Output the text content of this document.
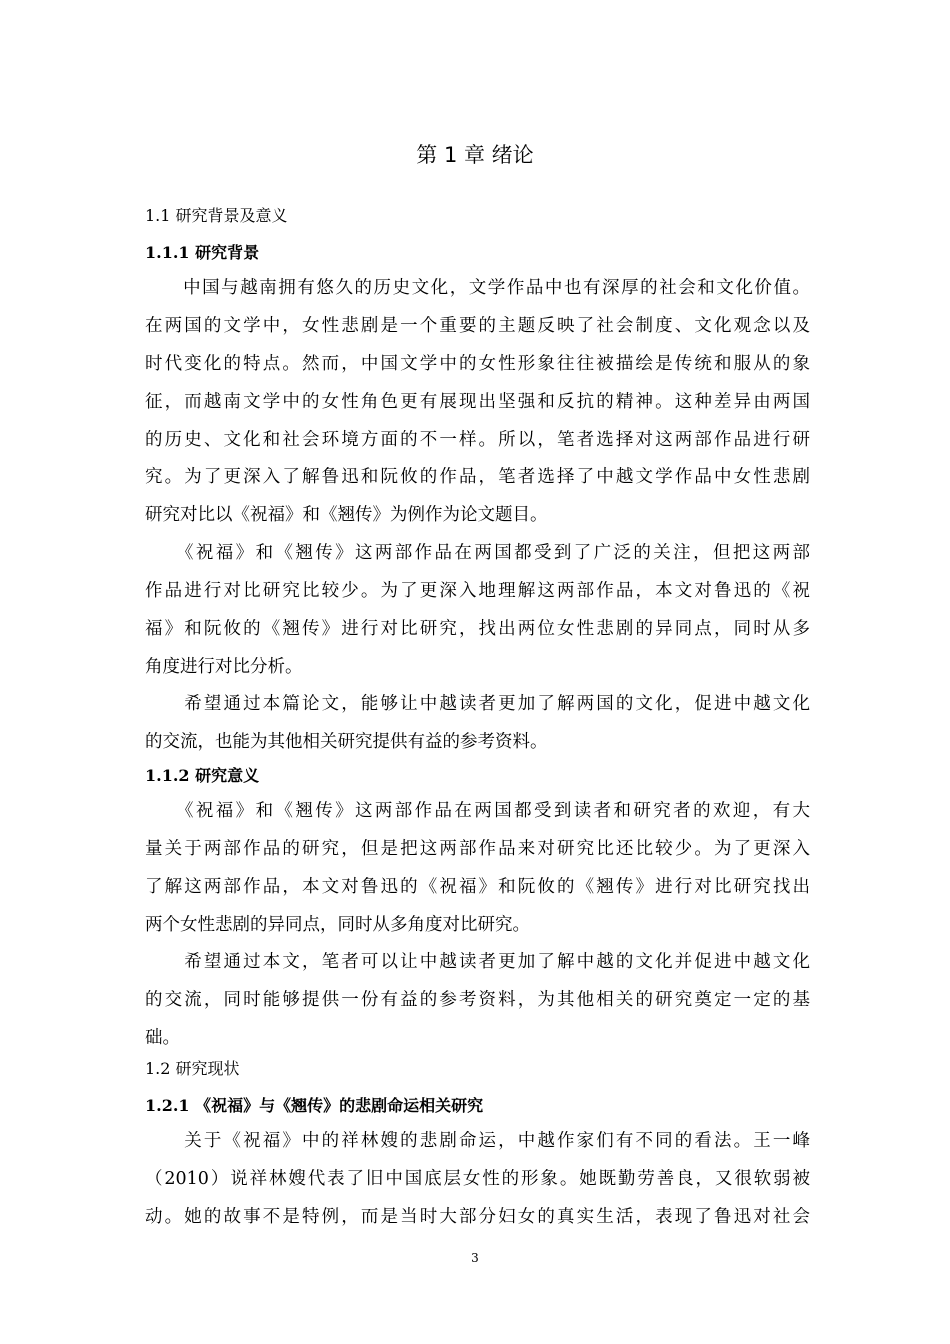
第 1 章 绪论
1.1 研究背景及意义
1.1.1 研究背景
　　中国与越南拥有悠久的历史文化，文学作品中也有深厚的社会和文化价值。
在两国的文学中，女性悲剧是一个重要的主题反映了社会制度、文化观念以及
时代变化的特点。然而，中国文学中的女性形象往往被描绘是传统和服从的象
征，而越南文学中的女性角色更有展现出坚强和反抗的精神。这种差异由两国
的历史、文化和社会环境方面的不一样。所以，笔者选择对这两部作品进行研
究。为了更深入了解鲁迅和阮攸的作品，笔者选择了中越文学作品中女性悲剧
研究对比以《祝福》和《翘传》为例作为论文题目。
　　《祝福》和《翘传》这两部作品在两国都受到了广泛的关注，但把这两部
作品进行对比研究比较少。为了更深入地理解这两部作品，本文对鲁迅的《祝
福》和阮攸的《翘传》进行对比研究，找出两位女性悲剧的异同点，同时从多
角度进行对比分析。
　　希望通过本篇论文，能够让中越读者更加了解两国的文化，促进中越文化
的交流，也能为其他相关研究提供有益的参考资料。
1.1.2 研究意义
　　《祝福》和《翘传》这两部作品在两国都受到读者和研究者的欢迎，有大
量关于两部作品的研究，但是把这两部作品来对研究比还比较少。为了更深入
了解这两部作品，本文对鲁迅的《祝福》和阮攸的《翘传》进行对比研究找出
两个女性悲剧的异同点，同时从多角度对比研究。
　　希望通过本文，笔者可以让中越读者更加了解中越的文化并促进中越文化
的交流，同时能够提供一份有益的参考资料，为其他相关的研究奠定一定的基
础。
1.2 研究现状
1.2.1 《祝福》与《翘传》的悲剧命运相关研究
　　关于《祝福》中的祥林嫂的悲剧命运，中越作家们有不同的看法。王一峰
（2010）说祥林嫂代表了旧中国底层女性的形象。她既勤劳善良，又很软弱被
动。她的故事不是特例，而是当时大部分妇女的真实生活，表现了鲁迅对社会
3
